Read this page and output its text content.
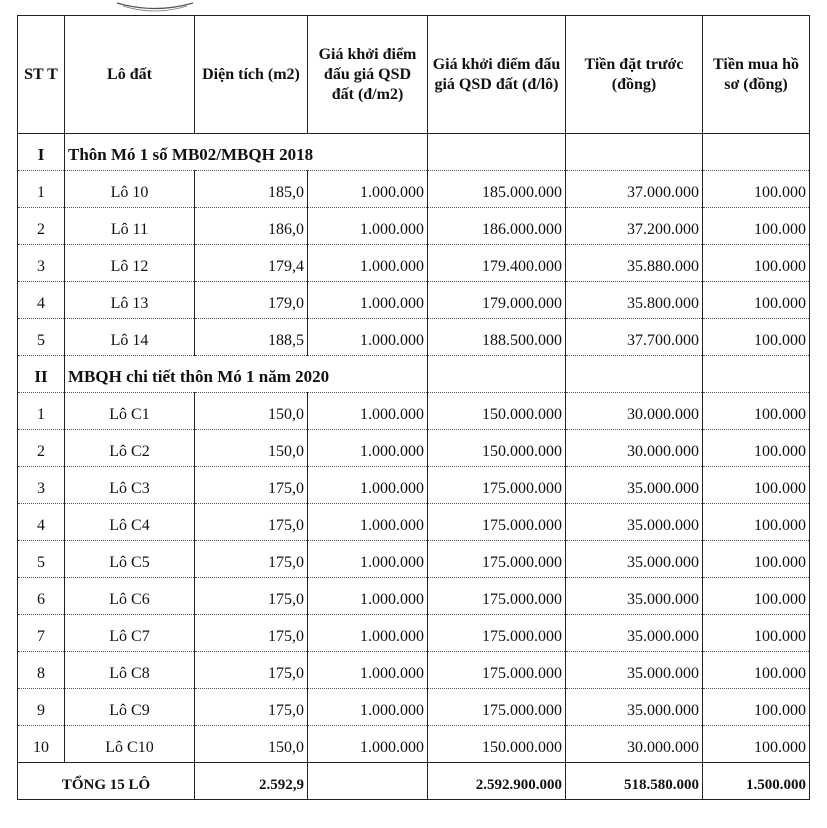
ST T	Lô đất	Diện tích (m2)	Giá khởi điểm đấu giá QSD đất (đ/m2)	Giá khởi điểm đấu giá QSD đất (đ/lô)	Tiền đặt trước (đồng)	Tiền mua hồ sơ (đồng)
I	Thôn Mó 1 số MB02/MBQH 2018					
1	Lô 10	185,0	1.000.000	185.000.000	37.000.000	100.000
2	Lô 11	186,0	1.000.000	186.000.000	37.200.000	100.000
3	Lô 12	179,4	1.000.000	179.400.000	35.880.000	100.000
4	Lô 13	179,0	1.000.000	179.000.000	35.800.000	100.000
5	Lô 14	188,5	1.000.000	188.500.000	37.700.000	100.000
II	MBQH chi tiết thôn Mó 1 năm 2020					
1	Lô C1	150,0	1.000.000	150.000.000	30.000.000	100.000
2	Lô C2	150,0	1.000.000	150.000.000	30.000.000	100.000
3	Lô C3	175,0	1.000.000	175.000.000	35.000.000	100.000
4	Lô C4	175,0	1.000.000	175.000.000	35.000.000	100.000
5	Lô C5	175,0	1.000.000	175.000.000	35.000.000	100.000
6	Lô C6	175,0	1.000.000	175.000.000	35.000.000	100.000
7	Lô C7	175,0	1.000.000	175.000.000	35.000.000	100.000
8	Lô C8	175,0	1.000.000	175.000.000	35.000.000	100.000
9	Lô C9	175,0	1.000.000	175.000.000	35.000.000	100.000
10	Lô C10	150,0	1.000.000	150.000.000	30.000.000	100.000
TỔNG 15 LÔ		2.592,9		2.592.900.000	518.580.000	1.500.000
